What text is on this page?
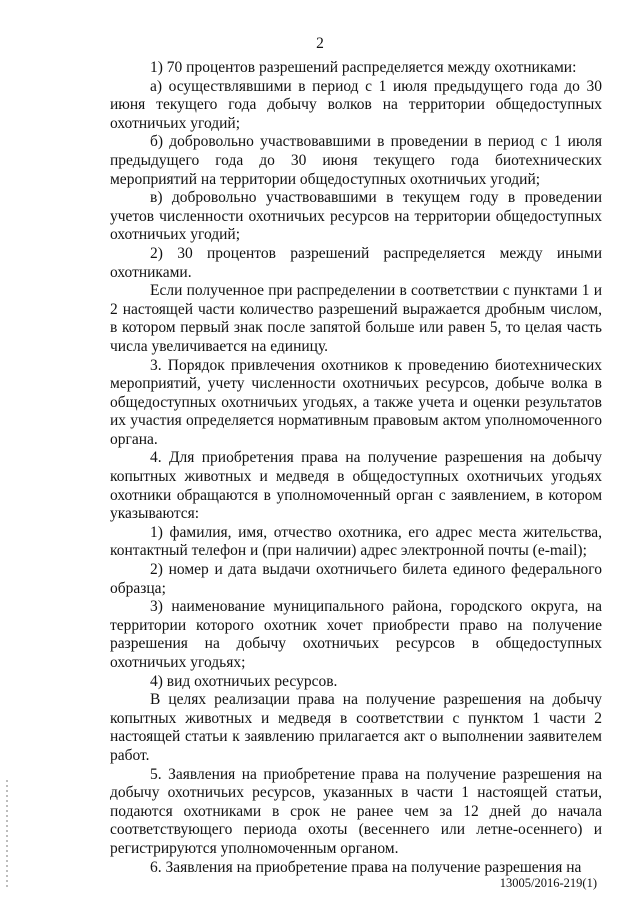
2

1) 70 процентов разрешений распределяется между охотниками:

а) осуществлявшими в период с 1 июля предыдущего года до 30 июня текущего года добычу волков на территории общедоступных охотничьих угодий;

б) добровольно участвовавшими в проведении в период с 1 июля предыдущего года до 30 июня текущего года биотехнических мероприятий на территории общедоступных охотничьих угодий;

в) добровольно участвовавшими в текущем году в проведении учетов численности охотничьих ресурсов на территории общедоступных охотничьих угодий;

2) 30 процентов разрешений распределяется между иными охотниками.

Если полученное при распределении в соответствии с пунктами 1 и 2 настоящей части количество разрешений выражается дробным числом, в котором первый знак после запятой больше или равен 5, то целая часть числа увеличивается на единицу.

3. Порядок привлечения охотников к проведению биотехнических мероприятий, учету численности охотничьих ресурсов, добыче волка в общедоступных охотничьих угодьях, а также учета и оценки результатов их участия определяется нормативным правовым актом уполномоченного органа.

4. Для приобретения права на получение разрешения на добычу копытных животных и медведя в общедоступных охотничьих угодьях охотники обращаются в уполномоченный орган с заявлением, в котором указываются:

1) фамилия, имя, отчество охотника, его адрес места жительства, контактный телефон и (при наличии) адрес электронной почты (e-mail);

2) номер и дата выдачи охотничьего билета единого федерального образца;

3) наименование муниципального района, городского округа, на территории которого охотник хочет приобрести право на получение разрешения на добычу охотничьих ресурсов в общедоступных охотничьих угодьях;

4) вид охотничьих ресурсов.

В целях реализации права на получение разрешения на добычу копытных животных и медведя в соответствии с пунктом 1 части 2 настоящей статьи к заявлению прилагается акт о выполнении заявителем работ.

5. Заявления на приобретение права на получение разрешения на добычу охотничьих ресурсов, указанных в части 1 настоящей статьи, подаются охотниками в срок не ранее чем за 12 дней до начала соответствующего периода охоты (весеннего или летне-осеннего) и регистрируются уполномоченным органом.

6. Заявления на приобретение права на получение разрешения на

13005/2016-219(1)
